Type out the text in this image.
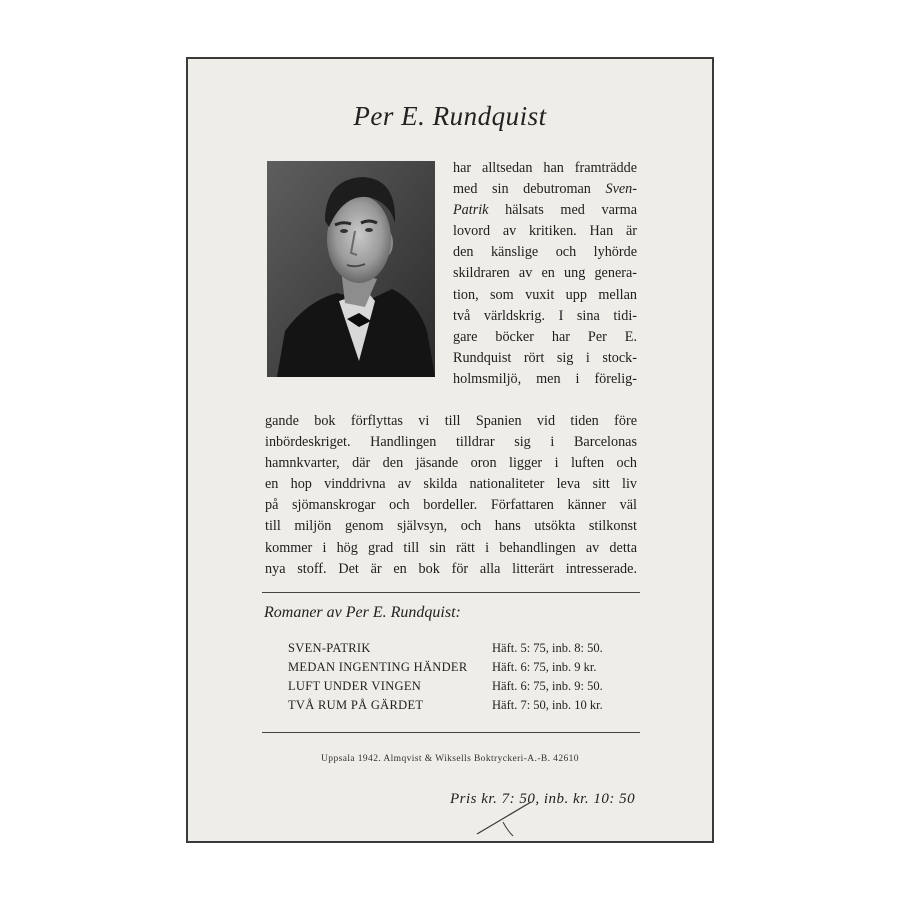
Per E. Rundquist
har alltsedan han framträdde
med sin debutroman Sven-
Patrik hälsats med varma
lovord av kritiken. Han är
den känslige och lyhörde
skildraren av en ung genera-
tion, som vuxit upp mellan
två världskrig. I sina tidi-
gare böcker har Per E.
Rundquist rört sig i stock-
holmsmiljö, men i förelig-
gande bok förflyttas vi till Spanien vid tiden före
inbördeskriget. Handlingen tilldrar sig i Barcelonas
hamnkvarter, där den jäsande oron ligger i luften och
en hop vinddrivna av skilda nationaliteter leva sitt liv
på sjömanskrogar och bordeller. Författaren känner väl
till miljön genom självsyn, och hans utsökta stilkonst
kommer i hög grad till sin rätt i behandlingen av detta
nya stoff. Det är en bok för alla litterärt intresserade.
Romaner av Per E. Rundquist:
SVEN-PATRIK	Häft. 5: 75, inb. 8: 50.
MEDAN INGENTING HÄNDER Häft. 6: 75, inb. 9 kr.
LUFT UNDER VINGEN	Häft. 6: 75, inb. 9: 50.
TVÅ RUM PÅ GÄRDET	Häft. 7: 50, inb. 10 kr.
Uppsala 1942. Almqvist & Wiksells Boktryckeri-A.-B. 42610
Pris kr. 7: 50, inb. kr. 10: 50
